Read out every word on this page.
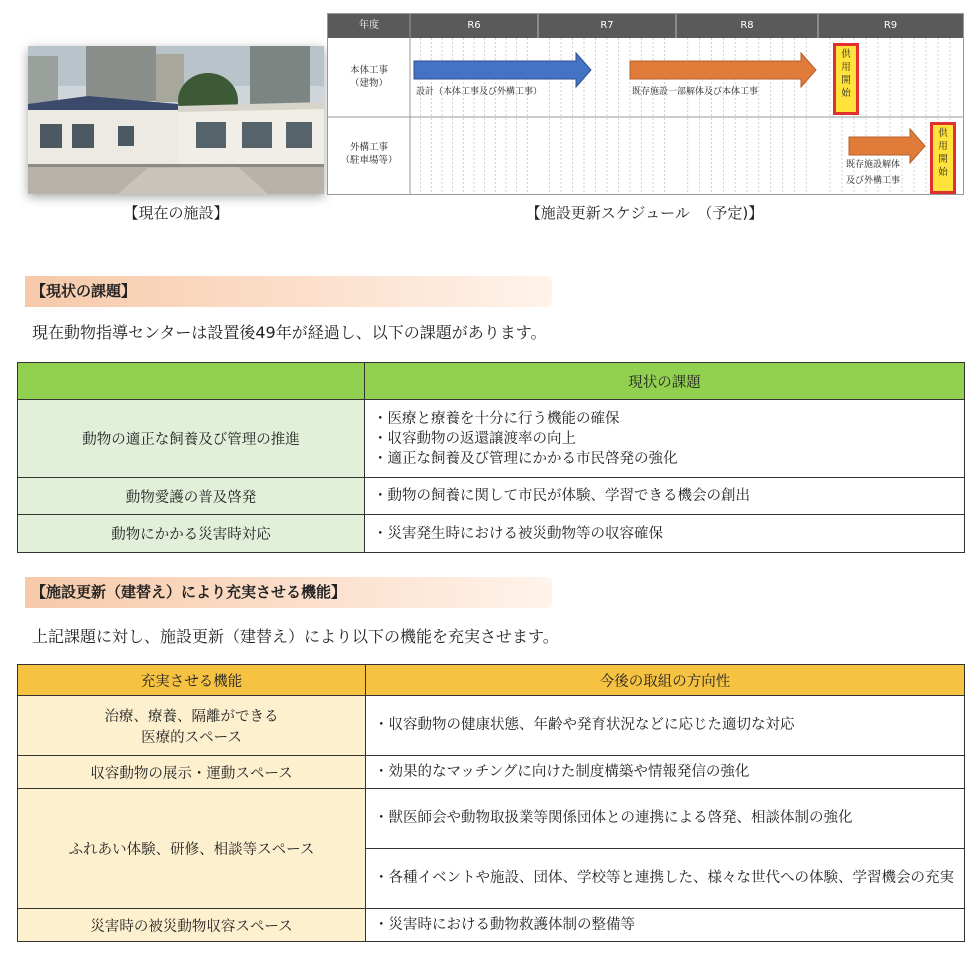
【現在の施設】
年度	R6	R7	R8	R9
本体工事
（建物）
外構工事
（駐車場等）
設計（本体工事及び外構工事）	既存施設一部解体及び本体工事
既存施設解体
及び外構工事
供
用
開
始
供
用
開
始
【施設更新スケジュール　（予定)】
【現状の課題】
現在動物指導センターは設置後49年が経過し、以下の課題があります。
	現状の課題
動物の適正な飼養及び管理の推進	・医療と療養を十分に行う機能の確保
・収容動物の返還譲渡率の向上
・適正な飼養及び管理にかかる市民啓発の強化

動物愛護の普及啓発	・動物の飼養に関して市民が体験、学習できる機会の創出

動物にかかる災害時対応	・災害発生時における被災動物等の収容確保
【施設更新（建替え）により充実させる機能】
上記課題に対し、施設更新（建替え）により以下の機能を充実させます。
充実させる機能	今後の取組の方向性

治療、療養、隔離ができる
医療的スペース	・収容動物の健康状態、年齢や発育状況などに応じた適切な対応
収容動物の展示・運動スペース	・効果的なマッチングに向けた制度構築や情報発信の強化
ふれあい体験、研修、相談等スペース	・獣医師会や動物取扱業等関係団体との連携による啓発、相談体制の強化
	・各種イベントや施設、団体、学校等と連携した、様々な世代への体験、学習機会の充実
災害時の被災動物収容スペース	・災害時における動物救護体制の整備等
